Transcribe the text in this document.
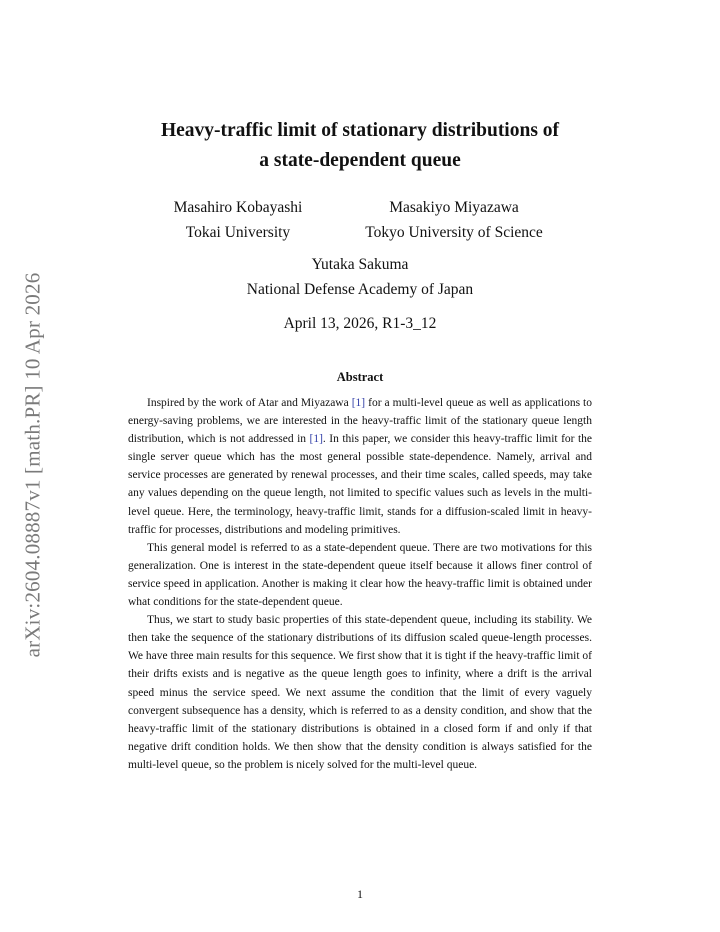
arXiv:2604.08887v1 [math.PR] 10 Apr 2026
Heavy-traffic limit of stationary distributions of
a state-dependent queue
Masahiro Kobayashi
Tokai University
Masakiyo Miyazawa
Tokyo University of Science
Yutaka Sakuma
National Defense Academy of Japan
April 13, 2026, R1-3_12
Abstract

Inspired by the work of Atar and Miyazawa [1] for a multi-level queue as well as applications to energy-saving problems, we are interested in the heavy-traffic limit of the stationary queue length distribution, which is not addressed in [1]. In this paper, we consider this heavy-traffic limit for the single server queue which has the most general possible state-dependence. Namely, arrival and service processes are generated by renewal processes, and their time scales, called speeds, may take any values depending on the queue length, not limited to specific values such as levels in the multi-level queue. Here, the terminology, heavy-traffic limit, stands for a diffusion-scaled limit in heavy-traffic for processes, distributions and modeling primitives.

This general model is referred to as a state-dependent queue. There are two motivations for this generalization. One is interest in the state-dependent queue itself because it allows finer control of service speed in application. Another is making it clear how the heavy-traffic limit is obtained under what conditions for the state-dependent queue.

Thus, we start to study basic properties of this state-dependent queue, including its stability. We then take the sequence of the stationary distributions of its diffusion scaled queue-length processes. We have three main results for this sequence. We first show that it is tight if the heavy-traffic limit of their drifts exists and is negative as the queue length goes to infinity, where a drift is the arrival speed minus the service speed. We next assume the condition that the limit of every vaguely convergent subsequence has a density, which is referred to as a density condition, and show that the heavy-traffic limit of the stationary distributions is obtained in a closed form if and only if that negative drift condition holds. We then show that the density condition is always satisfied for the multi-level queue, so the problem is nicely solved for the multi-level queue.

1
